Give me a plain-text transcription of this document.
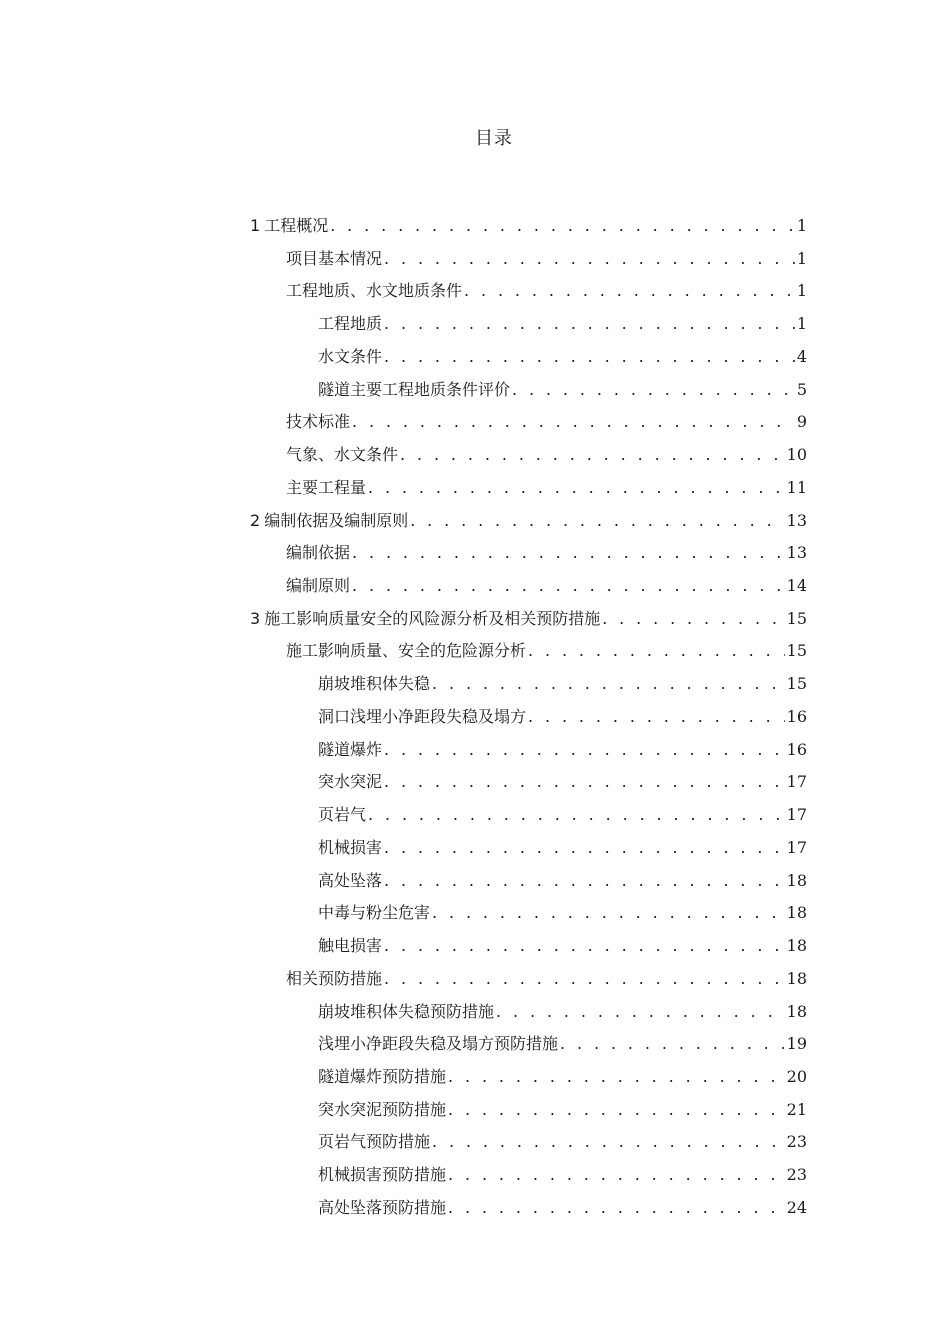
目录
1 工程概况 . . .	1
项目基本情况 . . .	1
工程地质、水文地质条件 . . .	1
工程地质 . . .	1
水文条件 . . .	4
隧道主要工程地质条件评价 . . .	5
技术标准 . . .	9
气象、水文条件 . . .	10
主要工程量 . . .	11
2 编制依据及编制原则 . . .	13
编制依据 . . .	13
编制原则 . . .	14
3 施工影响质量安全的风险源分析及相关预防措施 . . .	15
施工影响质量、安全的危险源分析 . . .	15
崩坡堆积体失稳 . . .	15
洞口浅埋小净距段失稳及塌方 . . .	16
隧道爆炸 . . .	16
突水突泥 . . .	17
页岩气 . . .	17
机械损害 . . .	17
高处坠落 . . .	18
中毒与粉尘危害 . . .	18
触电损害 . . .	18
相关预防措施 . . .	18
崩坡堆积体失稳预防措施 . . .	18
浅埋小净距段失稳及塌方预防措施 . . .	19
隧道爆炸预防措施 . . .	20
突水突泥预防措施 . . .	21
页岩气预防措施 . . .	23
机械损害预防措施 . . .	23
高处坠落预防措施 . . .	24
